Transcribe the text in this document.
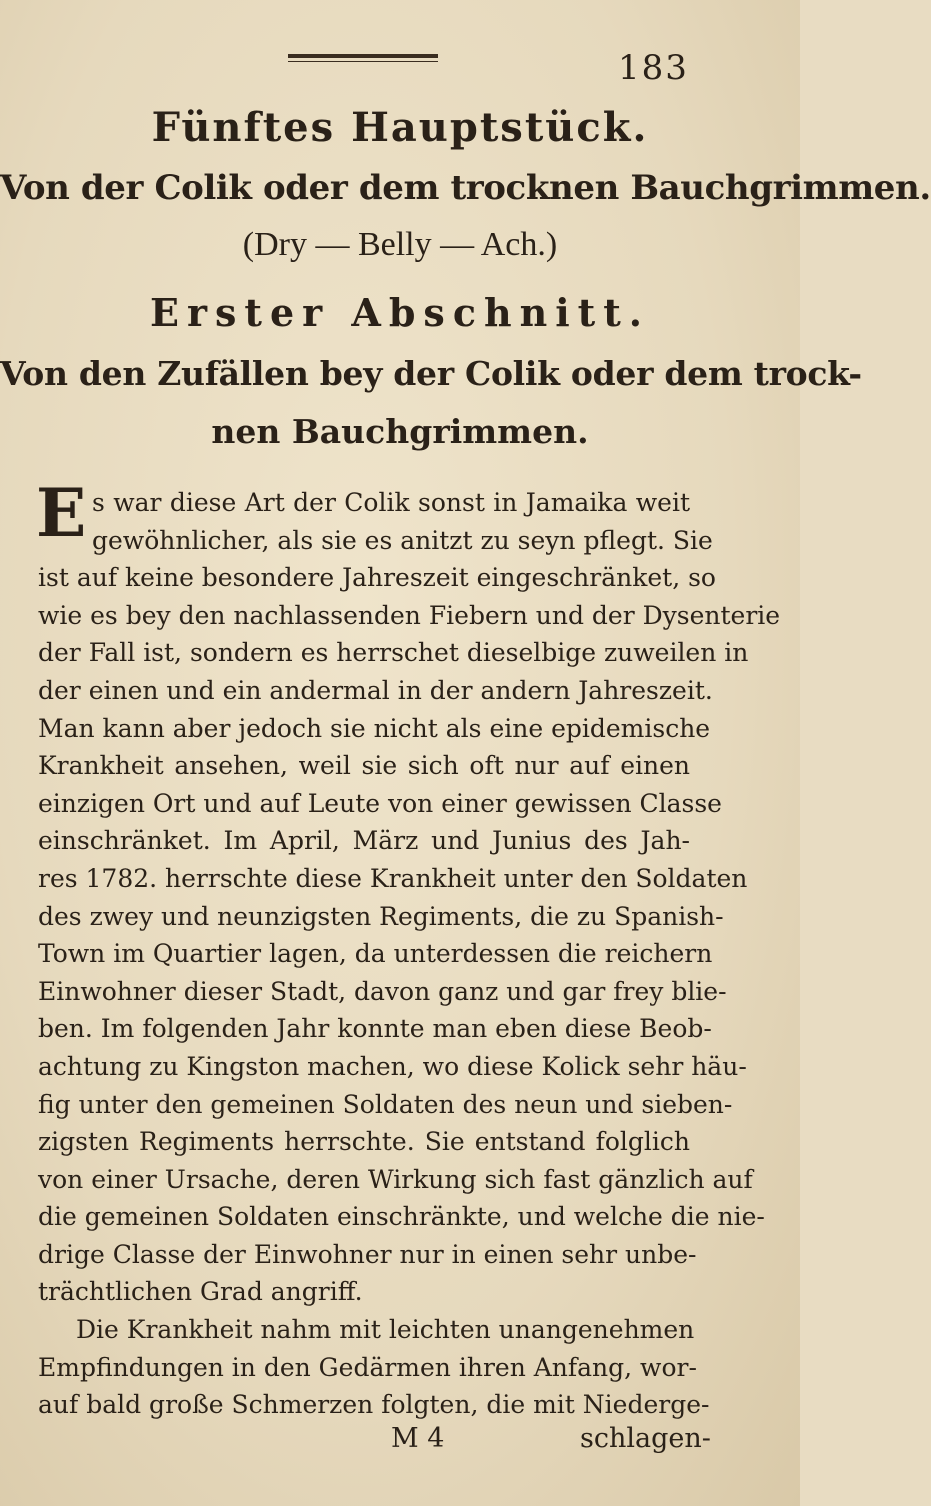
183
Fünftes Hauptstück.
Von der Colik oder dem trocknen Bauchgrimmen.
(Dry — Belly — Ach.)
Erster Abschnitt.
Von den Zufällen bey der Colik oder dem trock-
nen Bauchgrimmen.
E s war diese Art der Colik sonst in Jamaika weit
gewöhnlicher, als sie es anitzt zu seyn pflegt. Sie
ist auf keine besondere Jahreszeit eingeschränket, so
wie es bey den nachlassenden Fiebern und der Dysenterie
der Fall ist, sondern es herrschet dieselbige zuweilen in
der einen und ein andermal in der andern Jahreszeit.
Man kann aber jedoch sie nicht als eine epidemische
Krankheit ansehen, weil sie sich oft nur auf einen
einzigen Ort und auf Leute von einer gewissen Classe
einschränket. Im April, März und Junius des Jah-
res 1782. herrschte diese Krankheit unter den Soldaten
des zwey und neunzigsten Regiments, die zu Spanish-
Town im Quartier lagen, da unterdessen die reichern
Einwohner dieser Stadt, davon ganz und gar frey blie-
ben. Im folgenden Jahr konnte man eben diese Beob-
achtung zu Kingston machen, wo diese Kolick sehr häu-
fig unter den gemeinen Soldaten des neun und sieben-
zigsten Regiments herrschte. Sie entstand folglich
von einer Ursache, deren Wirkung sich fast gänzlich auf
die gemeinen Soldaten einschränkte, und welche die nie-
drige Classe der Einwohner nur in einen sehr unbe-
trächtlichen Grad angriff.
Die Krankheit nahm mit leichten unangenehmen
Empfindungen in den Gedärmen ihren Anfang, wor-
auf bald große Schmerzen folgten, die mit Niederge-
M 4	schlagen-
